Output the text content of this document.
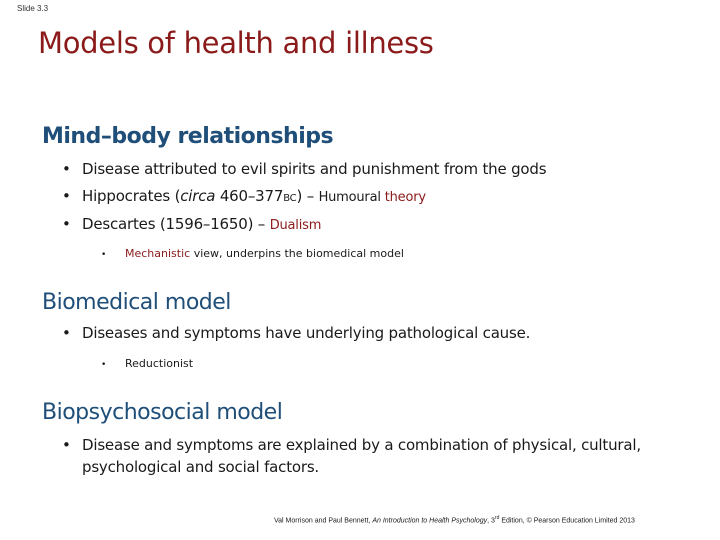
Slide 3.3
Models of health and illness
Mind–body relationships
• Disease attributed to evil spirits and punishment from the gods
• Hippocrates (circa 460–377BC) – Humoural theory
• Descartes (1596–1650) – Dualism
• Mechanistic view, underpins the biomedical model
Biomedical model
• Diseases and symptoms have underlying pathological cause.
• Reductionist
Biopsychosocial model
• Disease and symptoms are explained by a combination of physical, cultural, psychological and social factors.
Val Morrison and Paul Bennett, An Introduction to Health Psychology, 3rd Edition, © Pearson Education Limited 2013
